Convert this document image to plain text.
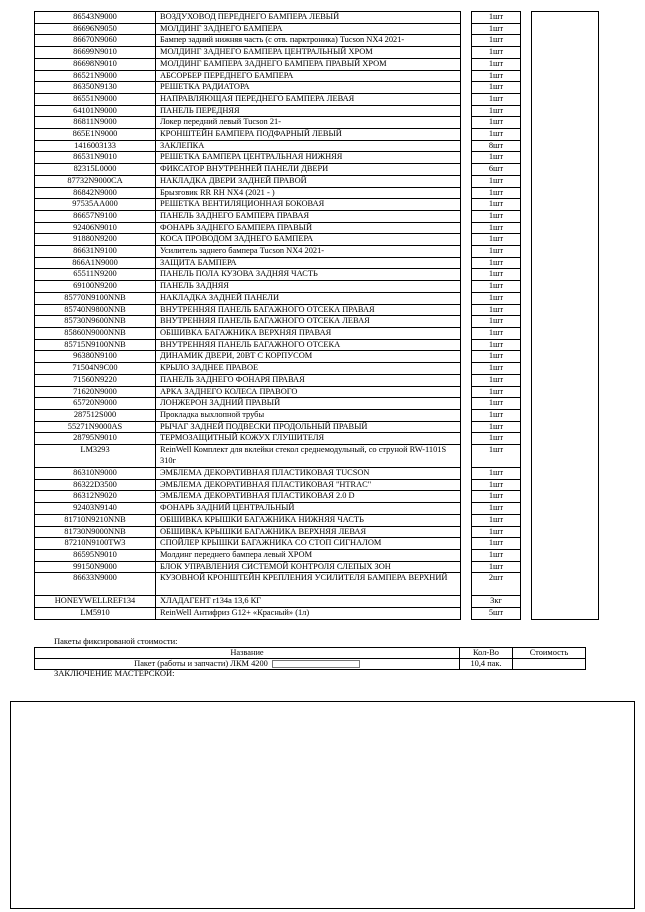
86543N9000	ВОЗДУХОВОД ПЕРЕДНЕГО БАМПЕРА ЛЕВЫЙ		1шт		
86696N9050	МОЛДИНГ ЗАДНЕГО БАМПЕРА		1шт		
86670N9060	Бампер задний нижняя часть (с отв. парктроника) Tucson NX4 2021-		1шт		
86699N9010	МОЛДИНГ ЗАДНЕГО БАМПЕРА ЦЕНТРАЛЬНЫЙ ХРОМ		1шт		
86698N9010	МОЛДИНГ БАМПЕРА ЗАДНЕГО БАМПЕРА ПРАВЫЙ ХРОМ		1шт		
86521N9000	АБСОРБЕР ПЕРЕДНЕГО БАМПЕРА		1шт		
86350N9130	РЕШЕТКА РАДИАТОРА		1шт		
86551N9000	НАПРАВЛЯЮЩАЯ ПЕРЕДНЕГО БАМПЕРА ЛЕВАЯ		1шт		
64101N9000	ПАНЕЛЬ ПЕРЕДНЯЯ		1шт		
86811N9000	Локер передний левый Tucson 21-		1шт		
865E1N9000	КРОНШТЕЙН БАМПЕРА ПОДФАРНЫЙ ЛЕВЫЙ		1шт		
1416003133	ЗАКЛЕПКА		8шт		
86531N9010	РЕШЕТКА БАМПЕРА ЦЕНТРАЛЬНАЯ НИЖНЯЯ		1шт		
82315L0000	ФИКСАТОР ВНУТРЕННЕЙ ПАНЕЛИ ДВЕРИ		6шт		
87732N9000CA	НАКЛАДКА ДВЕРИ ЗАДНЕЙ ПРАВОЙ		1шт		
86842N9000	Брызговик RR RH NX4 (2021 - )		1шт		
97535AA000	РЕШЕТКА ВЕНТИЛЯЦИОННАЯ БОКОВАЯ		1шт		
86657N9100	ПАНЕЛЬ ЗАДНЕГО БАМПЕРА ПРАВАЯ		1шт		
92406N9010	ФОНАРЬ ЗАДНЕГО БАМПЕРА ПРАВЫЙ		1шт		
91880N9200	КОСА ПРОВОДОМ ЗАДНЕГО БАМПЕРА		1шт		
86631N9100	Усилитель заднего бампера Tucson NX4 2021-		1шт		
866A1N9000	ЗАЩИТА БАМПЕРА		1шт		
65511N9200	ПАНЕЛЬ ПОЛА КУЗОВА ЗАДНЯЯ ЧАСТЬ		1шт		
69100N9200	ПАНЕЛЬ ЗАДНЯЯ		1шт		
85770N9100NNB	НАКЛАДКА ЗАДНЕЙ ПАНЕЛИ		1шт		
85740N9800NNB	ВНУТРЕННЯЯ ПАНЕЛЬ БАГАЖНОГО ОТСЕКА ПРАВАЯ		1шт		
85730N9600NNB	ВНУТРЕННЯЯ ПАНЕЛЬ БАГАЖНОГО ОТСЕКА ЛЕВАЯ		1шт		
85860N9000NNB	ОБШИВКА БАГАЖНИКА ВЕРХНЯЯ ПРАВАЯ		1шт		
85715N9100NNB	ВНУТРЕННЯЯ ПАНЕЛЬ БАГАЖНОГО ОТСЕКА		1шт		
96380N9100	ДИНАМИК ДВЕРИ, 20ВТ С КОРПУСОМ		1шт		
71504N9C00	КРЫЛО ЗАДНЕЕ ПРАВОЕ		1шт		
71560N9220	ПАНЕЛЬ ЗАДНЕГО ФОНАРЯ ПРАВАЯ		1шт		
71620N9000	АРКА ЗАДНЕГО КОЛЕСА ПРАВОГО		1шт		
65720N9000	ЛОНЖЕРОН ЗАДНИЙ ПРАВЫЙ		1шт		
287512S000	Прокладка выхлопной трубы		1шт		
55271N9000AS	РЫЧАГ ЗАДНЕЙ ПОДВЕСКИ ПРОДОЛЬНЫЙ ПРАВЫЙ		1шт		
28795N9010	ТЕРМОЗАЩИТНЫЙ КОЖУХ ГЛУШИТЕЛЯ		1шт		
LM3293	ReinWell Комплект для вклейки стекол среднемодульный, со струной RW-1101S 310г		1шт		
86310N9000	ЭМБЛЕМА ДЕКОРАТИВНАЯ ПЛАСТИКОВАЯ TUCSON		1шт		
86322D3500	ЭМБЛЕМА ДЕКОРАТИВНАЯ ПЛАСТИКОВАЯ "HTRAC"		1шт		
86312N9020	ЭМБЛЕМА ДЕКОРАТИВНАЯ ПЛАСТИКОВАЯ 2.0 D		1шт		
92403N9140	ФОНАРЬ ЗАДНИЙ ЦЕНТРАЛЬНЫЙ		1шт		
81710N9210NNB	ОБШИВКА КРЫШКИ БАГАЖНИКА НИЖНЯЯ ЧАСТЬ		1шт		
81730N9000NNB	ОБШИВКА КРЫШКИ БАГАЖНИКА ВЕРХНЯЯ ЛЕВАЯ		1шт		
87210N9100TW3	СПОЙЛЕР КРЫШКИ БАГАЖНИКА СО СТОП СИГНАЛОМ		1шт		
86595N9010	Молдинг переднего бампера левый ХРОМ		1шт		
99150N9000	БЛОК УПРАВЛЕНИЯ СИСТЕМОЙ КОНТРОЛЯ СЛЕПЫХ ЗОН		1шт		
86633N9000	КУЗОВНОЙ КРОНШТЕЙН КРЕПЛЕНИЯ УСИЛИТЕЛЯ БАМПЕРА ВЕРХНИЙ		2шт		
HONEYWELLREF134	ХЛАДАГЕНТ r134a 13,6 КГ		3кг		
LM5910	ReinWell Антифриз G12+ «Красный» (1л)		5шт		
Пакеты фиксированой стоимости:
Название	Кол-Во	Стоимость
Пакет (работы и запчасти) ЛКМ 4200	10,4 пак.	
ЗАКЛЮЧЕНИЕ МАСТЕРСКОЙ:
